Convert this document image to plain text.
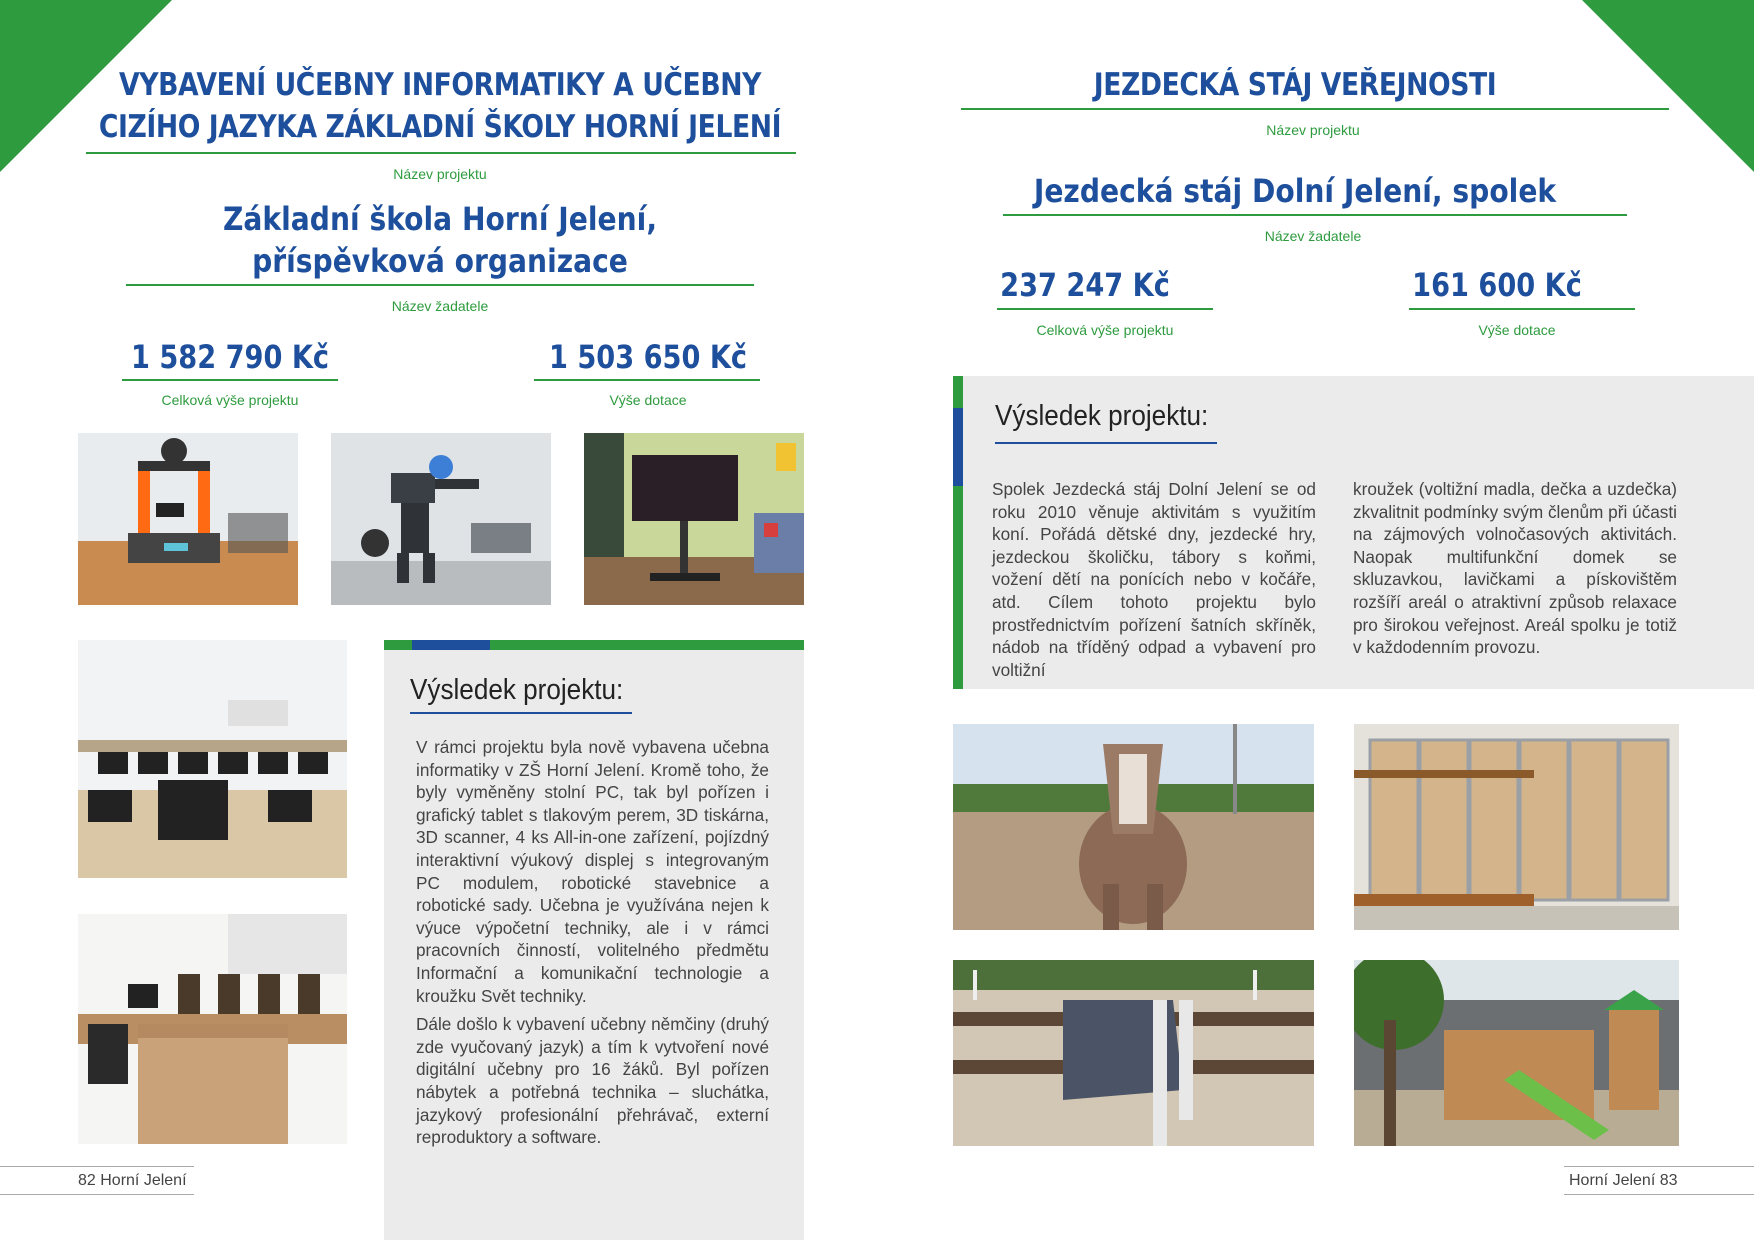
VYBAVENÍ UČEBNY INFORMATIKY A UČEBNY
CIZÍHO JAZYKA ZÁKLADNÍ ŠKOLY HORNÍ JELENÍ
Název projektu
Základní škola Horní Jelení,
příspěvková organizace
Název žadatele
1 582 790 Kč
Celková výše projektu
1 503 650 Kč
Výše dotace
Výsledek projektu:

V rámci projektu byla nově vybavena učebna informatiky v ZŠ Horní Jelení. Kromě toho, že byly vyměněny stolní PC, tak byl pořízen i grafický tablet s tlakovým perem, 3D tiskárna, 3D scanner, 4 ks All-in-one zařízení, pojízdný interaktivní výukový displej s integrovaným PC modulem, robotické stavebnice a robotické sady. Učebna je využívána nejen k výuce výpočetní techniky, ale i v rámci pracovních činností, volitelného předmětu Informační a komunikační technologie a kroužku Svět techniky.

Dále došlo k vybavení učebny němčiny (druhý zde vyučovaný jazyk) a tím k vytvoření nové digitální učebny pro 16 žáků. Byl pořízen nábytek a potřebná technika – sluchátka, jazykový profesionální přehrávač, externí reproduktory a software.

82 Horní Jelení
JEZDECKÁ STÁJ VEŘEJNOSTI
Název projektu
Jezdecká stáj Dolní Jelení, spolek
Název žadatele
237 247 Kč
Celková výše projektu
161 600 Kč
Výše dotace
Výsledek projektu:
Spolek Jezdecká stáj Dolní Jelení se od roku 2010 věnuje aktivitám s využitím koní. Pořádá dětské dny, jezdecké hry, jezdeckou školičku, tábory s koňmi, vožení dětí na ponících nebo v kočáře, atd. Cílem tohoto projektu bylo prostřednictvím pořízení šatních skříněk, nádob na tříděný odpad a vybavení pro voltižní
kroužek (voltižní madla, dečka a uzdečka) zkvalitnit podmínky svým členům při účasti na zájmových volnočasových aktivitách. Naopak multifunkční domek se skluzavkou, lavičkami a pískovištěm rozšíří areál o atraktivní způsob relaxace pro širokou veřejnost. Areál spolku je totiž v každodenním provozu.
Horní Jelení 83
